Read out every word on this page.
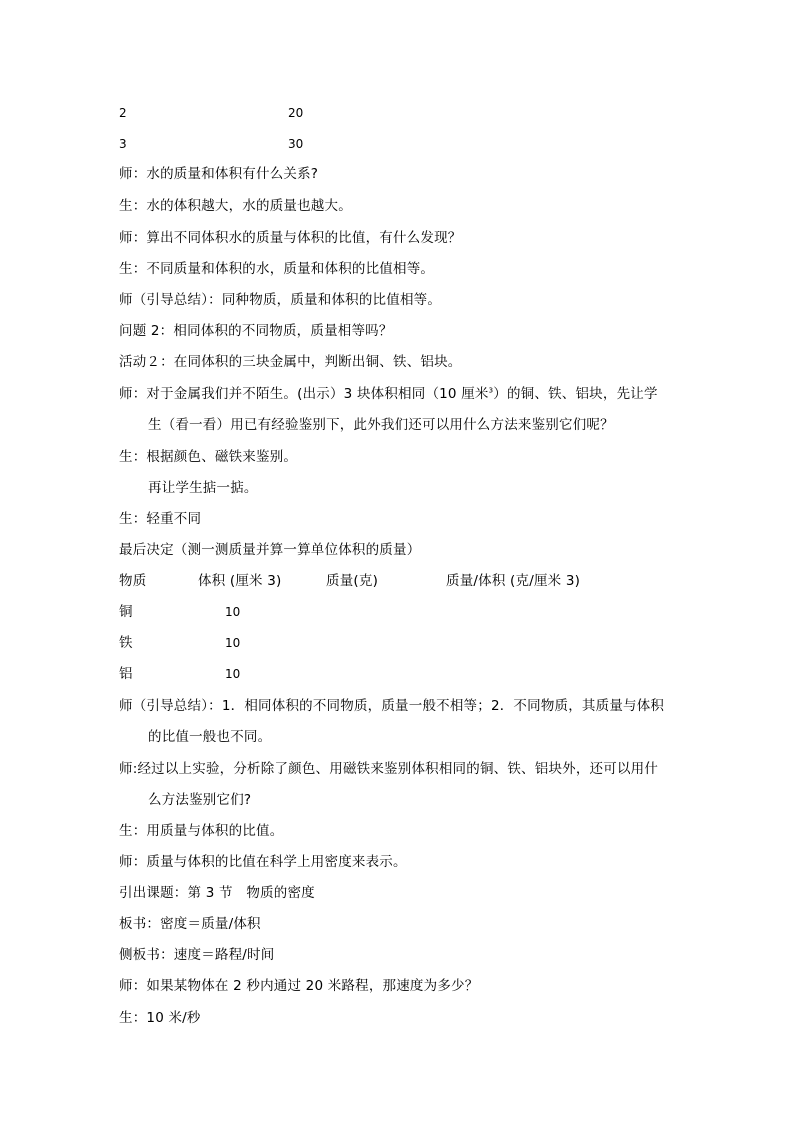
2	20
3	30
师：水的质量和体积有什么关系?
生：水的体积越大，水的质量也越大。
师：算出不同体积水的质量与体积的比值，有什么发现？
生：不同质量和体积的水，质量和体积的比值相等。
师（引导总结）：同种物质，质量和体积的比值相等。
问题 2：相同体积的不同物质，质量相等吗？
活动２：在同体积的三块金属中，判断出铜、铁、铝块。
师：对于金属我们并不陌生。(出示）3 块体积相同（10 厘米$^3$）的铜、铁、铝块，先让学
生（看一看）用已有经验鉴别下，此外我们还可以用什么方法来鉴别它们呢？
生：根据颜色、磁铁来鉴别。
再让学生掂一掂。
生：轻重不同
最后决定（测一测质量并算一算单位体积的质量）
物质	体积 (厘米 3)	质量(克)	质量/体积 (克/厘米 3)
铜	10
铁	10
铝	10
师（引导总结）：1．相同体积的不同物质，质量一般不相等；2．不同物质，其质量与体积
的比值一般也不同。
师:经过以上实验，分析除了颜色、用磁铁来鉴别体积相同的铜、铁、铝块外，还可以用什
么方法鉴别它们?
生：用质量与体积的比值。
师：质量与体积的比值在科学上用密度来表示。
引出课题：第 3 节　物质的密度
板书：密度＝质量/体积
侧板书：速度＝路程/时间
师：如果某物体在 2 秒内通过 20 米路程，那速度为多少？
生：10 米/秒
